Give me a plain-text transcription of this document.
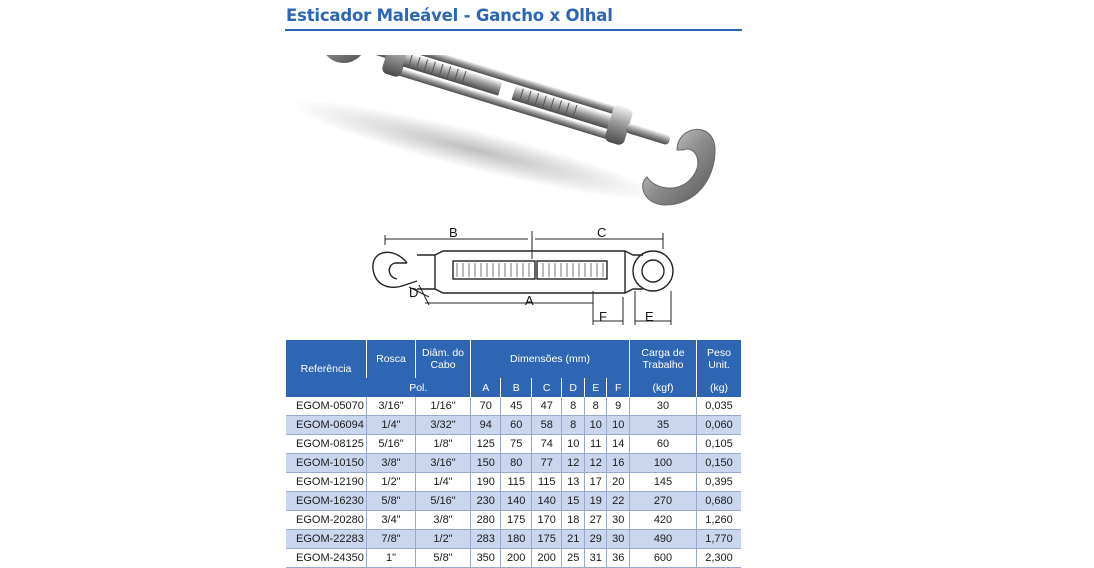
Esticador Maleável - Gancho x Olhal
B	C
A
D
F	E
Referência	Rosca	Diâm. do Cabo	Dimensões (mm)						Carga de Trabalho	Peso Unit.
	Pol.		A	B	C	D	E	F	(kgf)	(kg)
EGOM-05070	3/16"	1/16"	70	45	47	8	8	9	30	0,035
EGOM-06094	1/4"	3/32"	94	60	58	8	10	10	35	0,060
EGOM-08125	5/16"	1/8"	125	75	74	10	11	14	60	0,105
EGOM-10150	3/8"	3/16"	150	80	77	12	12	16	100	0,150
EGOM-12190	1/2"	1/4"	190	115	115	13	17	20	145	0,395
EGOM-16230	5/8"	5/16"	230	140	140	15	19	22	270	0,680
EGOM-20280	3/4"	3/8"	280	175	170	18	27	30	420	1,260
EGOM-22283	7/8"	1/2"	283	180	175	21	29	30	490	1,770
EGOM-24350	1"	5/8"	350	200	200	25	31	36	600	2,300
